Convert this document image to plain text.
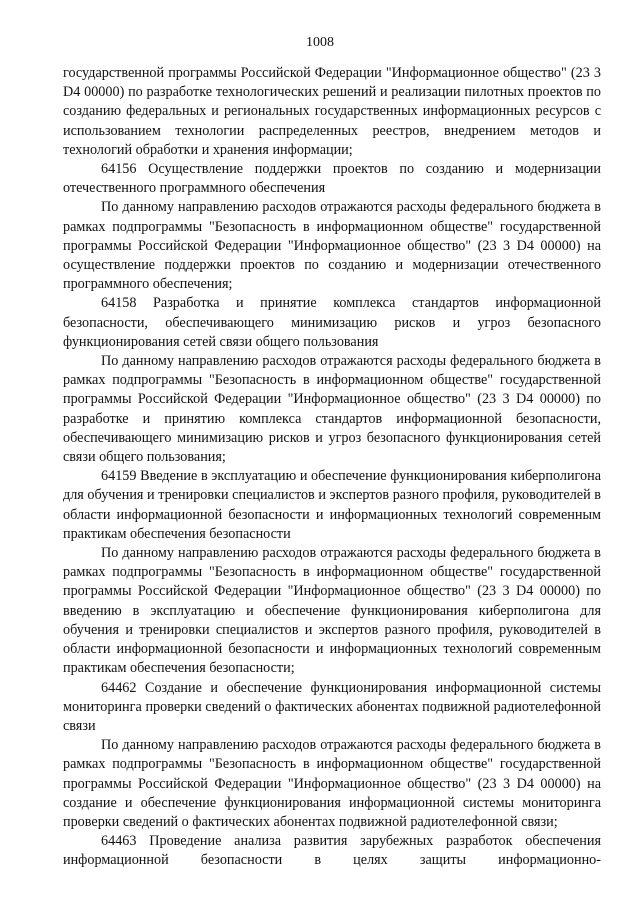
1008

государственной программы Российской Федерации "Информационное общество" (23 3 D4 00000) по разработке технологических решений и реализации пилотных проектов по созданию федеральных и региональных государственных информационных ресурсов с использованием технологии распределенных реестров, внедрением методов и технологий обработки и хранения информации;

64156 Осуществление поддержки проектов по созданию и модернизации отечественного программного обеспечения

По данному направлению расходов отражаются расходы федерального бюджета в рамках подпрограммы "Безопасность в информационном обществе" государственной программы Российской Федерации "Информационное общество" (23 3 D4 00000) на осуществление поддержки проектов по созданию и модернизации отечественного программного обеспечения;

64158 Разработка и принятие комплекса стандартов информационной безопасности, обеспечивающего минимизацию рисков и угроз безопасного функционирования сетей связи общего пользования

По данному направлению расходов отражаются расходы федерального бюджета в рамках подпрограммы "Безопасность в информационном обществе" государственной программы Российской Федерации "Информационное общество" (23 3 D4 00000) по разработке и принятию комплекса стандартов информационной безопасности, обеспечивающего минимизацию рисков и угроз безопасного функционирования сетей связи общего пользования;

64159 Введение в эксплуатацию и обеспечение функционирования киберполигона для обучения и тренировки специалистов и экспертов разного профиля, руководителей в области информационной безопасности и информационных технологий современным практикам обеспечения безопасности

По данному направлению расходов отражаются расходы федерального бюджета в рамках подпрограммы "Безопасность в информационном обществе" государственной программы Российской Федерации "Информационное общество" (23 3 D4 00000) по введению в эксплуатацию и обеспечение функционирования киберполигона для обучения и тренировки специалистов и экспертов разного профиля, руководителей в области информационной безопасности и информационных технологий современным практикам обеспечения безопасности;

64462 Создание и обеспечение функционирования информационной системы мониторинга проверки сведений о фактических абонентах подвижной радиотелефонной связи

По данному направлению расходов отражаются расходы федерального бюджета в рамках подпрограммы "Безопасность в информационном обществе" государственной программы Российской Федерации "Информационное общество" (23 3 D4 00000) на создание и обеспечение функционирования информационной системы мониторинга проверки сведений о фактических абонентах подвижной радиотелефонной связи;

64463 Проведение анализа развития зарубежных разработок обеспечения информационной безопасности в целях защиты информационно-
